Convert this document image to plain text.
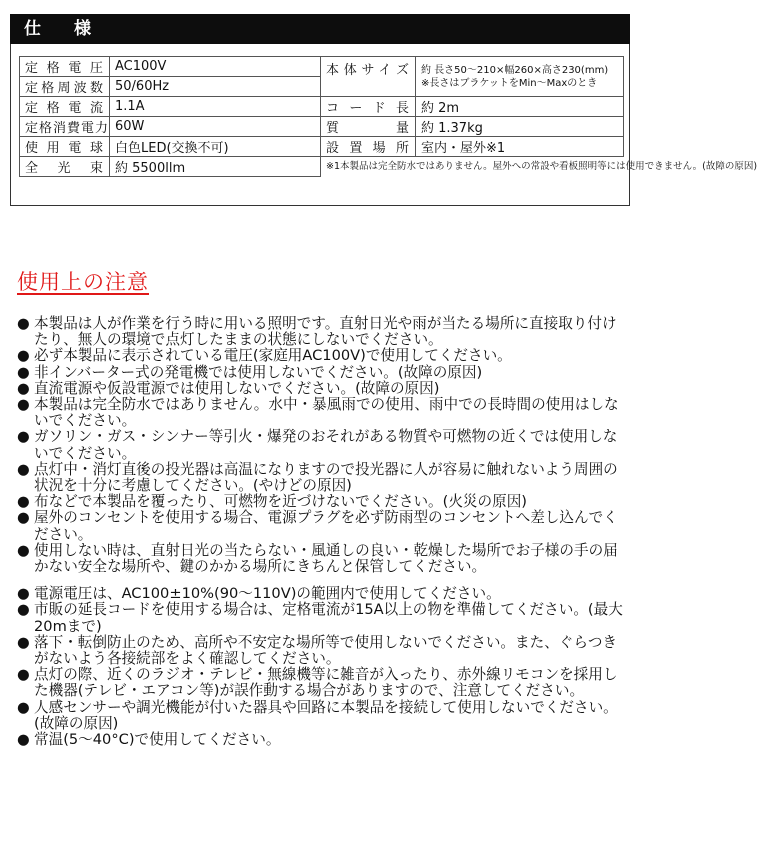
仕　様
定格電圧	AC100V	本体サイズ	約 長さ50～210×幅260×高さ230(mm)
※長さはブラケットをMin～Maxのとき

定格周波数	50/60Hz		
定格電流	1.1A	コード長	約 2m
定格消費電力	60W	質量	約 1.37kg
使用電球	白色LED(交換不可)	設置場所	室内・屋外※1
全光束	約 5500llm	※1本製品は完全防水ではありません。屋外への常設や看板照明等には使用できません。(故障の原因)	
使用上の注意
● 本製品は人が作業を行う時に用いる照明です。直射日光や雨が当たる場所に直接取り付けたり、無人の環境で点灯したままの状態にしないでください。
● 必ず本製品に表示されている電圧(家庭用AC100V)で使用してください。
● 非インバーター式の発電機では使用しないでください。(故障の原因)
● 直流電源や仮設電源では使用しないでください。(故障の原因)
● 本製品は完全防水ではありません。水中・暴風雨での使用、雨中での長時間の使用はしないでください。
● ガソリン・ガス・シンナー等引火・爆発のおそれがある物質や可燃物の近くでは使用しないでください。
● 点灯中・消灯直後の投光器は高温になりますので投光器に人が容易に触れないよう周囲の状況を十分に考慮してください。(やけどの原因)
● 布などで本製品を覆ったり、可燃物を近づけないでください。(火災の原因)
● 屋外のコンセントを使用する場合、電源プラグを必ず防雨型のコンセントへ差し込んでください。
● 使用しない時は、直射日光の当たらない・風通しの良い・乾燥した場所でお子様の手の届かない安全な場所や、鍵のかかる場所にきちんと保管してください。
● 電源電圧は、AC100±10%(90～110V)の範囲内で使用してください。
● 市販の延長コードを使用する場合は、定格電流が15A以上の物を準備してください。(最大20mまで)
● 落下・転倒防止のため、高所や不安定な場所等で使用しないでください。また、ぐらつきがないよう各接続部をよく確認してください。
● 点灯の際、近くのラジオ・テレビ・無線機等に雑音が入ったり、赤外線リモコンを採用した機器(テレビ・エアコン等)が誤作動する場合がありますので、注意してください。
● 人感センサーや調光機能が付いた器具や回路に本製品を接続して使用しないでください。(故障の原因)
● 常温(5～40°C)で使用してください。
